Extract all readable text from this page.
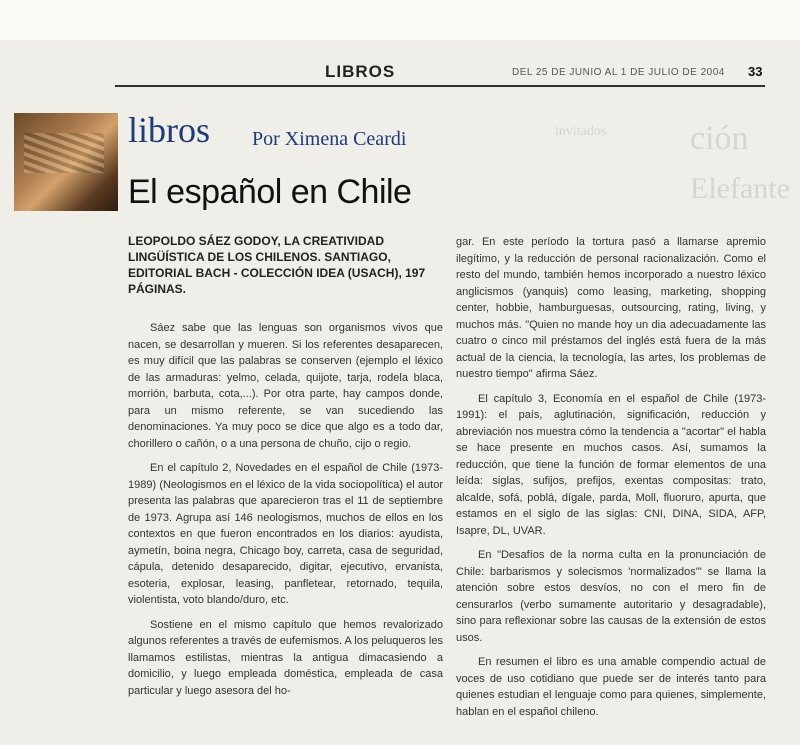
LIBROS	DEL 25 DE JUNIO AL 1 DE JULIO DE 2004 33
libros Por Ximena Ceardi	invitados ción
Elefante
El español en Chile
LEOPOLDO SÁEZ GODOY, LA CREATIVIDAD LINGÜÍSTICA DE LOS CHILENOS. SANTIAGO, EDITORIAL BACH - COLECCIÓN IDEA (USACH), 197 PÁGINAS.

Sáez sabe que las lenguas son organismos vivos que nacen, se desarrollan y mueren. Si los referentes desaparecen, es muy difícil que las palabras se conserven (ejemplo el léxico de las armaduras: yelmo, celada, quijote, tarja, rodela blaca, morrión, barbuta, cota,...). Por otra parte, hay campos donde, para un mismo referente, se van sucediendo las denominaciones. Ya muy poco se dice que algo es a todo dar, chorillero o cañón, o a una persona de chuño, cijo o regio.

En el capítulo 2, Novedades en el español de Chile (1973-1989) (Neologismos en el léxico de la vida sociopolítica) el autor presenta las palabras que aparecieron tras el 11 de septiembre de 1973. Agrupa así 146 neologismos, muchos de ellos en los contextos en que fueron encontrados en los diarios: ayudista, aymetín, boina negra, Chicago boy, carreta, casa de seguridad, cápula, detenido desaparecido, digitar, ejecutivo, ervanista, esoteria, explosar, leasing, panfletear, retornado, tequila, violentista, voto blando/duro, etc.

Sostiene en el mismo capítulo que hemos revalorizado algunos referentes a través de eufemismos. A los peluqueros les llamamos estilistas, mientras la antigua dimacasiendo a domicilio, y luego empleada doméstica, empleada de casa particular y luego asesora del ho-

gar. En este período la tortura pasó a llamarse apremio ilegítimo, y la reducción de personal racionalización. Como el resto del mundo, también hemos incorporado a nuestro léxico anglicismos (yanquis) como leasing, marketing, shopping center, hobbie, hamburguesas, outsourcing, rating, living, y muchos más. "Quien no mande hoy un dia adecuadamente las cuatro o cinco mil préstamos del inglés está fuera de la más actual de la ciencia, la tecnología, las artes, los problemas de nuestro tiempo" afirma Sáez.

El capítulo 3, Economía en el español de Chile (1973-1991): el país, aglutinación, significación, reducción y abreviación nos muestra cómo la tendencia a "acortar" el habla se hace presente en muchos casos. Así, sumamos la reducción, que tiene la función de formar elementos de una leída: siglas, sufijos, prefijos, exentas compositas: trato, alcalde, sofá, poblá, dígale, parda, Moll, fluoruro, apurta, que estamos en el siglo de las siglas: CNI, DINA, SIDA, AFP, Isapre, DL, UVAR.

En "Desafíos de la norma culta en la pronunciación de Chile: barbarismos y solecismos 'normalizados'" se llama la atención sobre estos desvíos, no con el mero fin de censurarlos (verbo sumamente autoritario y desagradable), sino para reflexionar sobre las causas de la extensión de estos usos.

En resumen el libro es una amable compendio actual de voces de uso cotidiano que puede ser de interés tanto para quienes estudian el lenguaje como para quienes, simplemente, hablan en el español chileno.
